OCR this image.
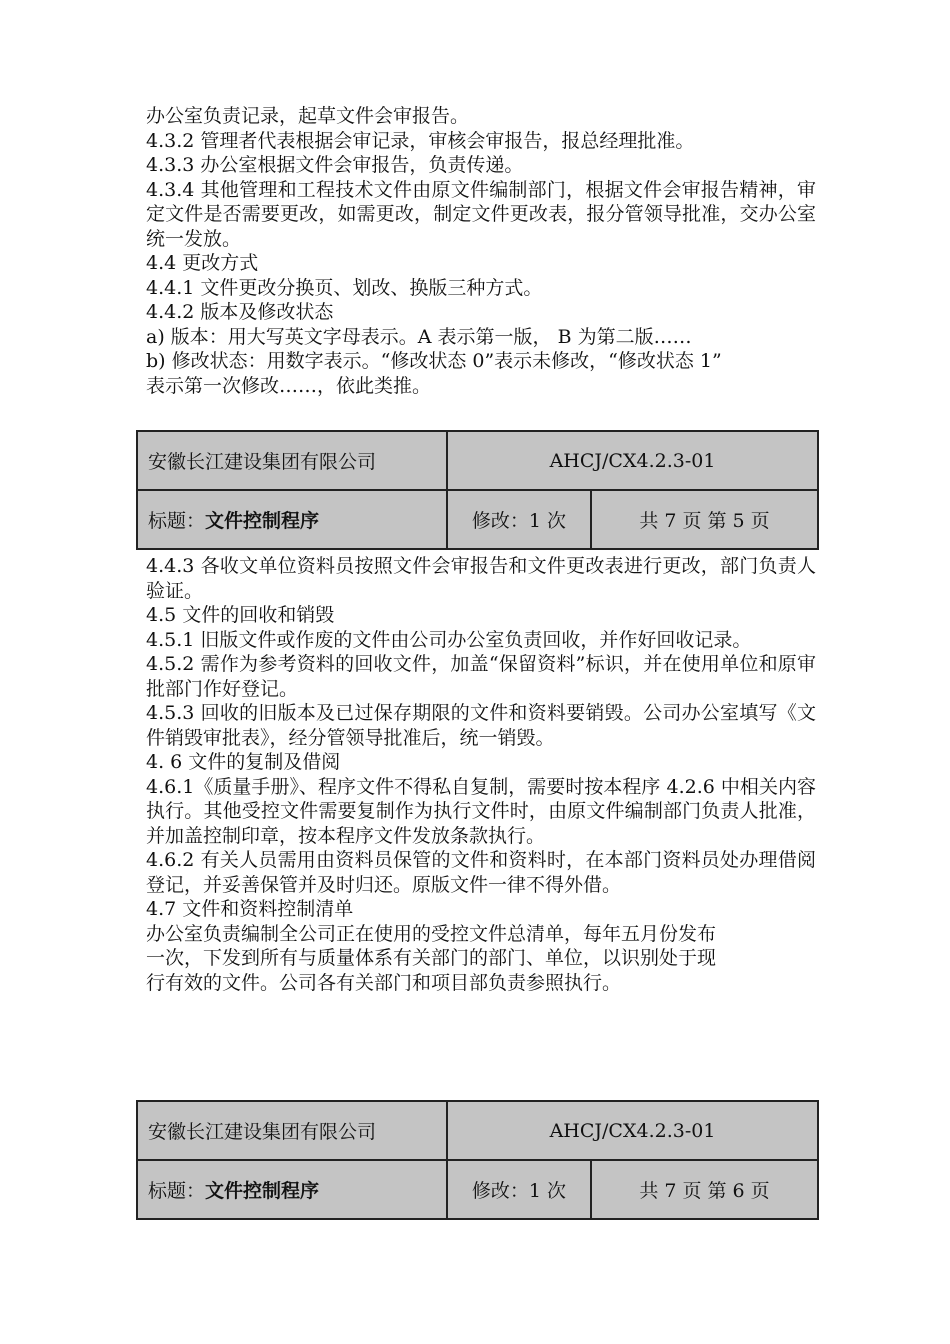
办公室负责记录，起草文件会审报告。

4.3.2 管理者代表根据会审记录，审核会审报告，报总经理批准。

4.3.3 办公室根据文件会审报告，负责传递。

4.3.4 其他管理和工程技术文件由原文件编制部门，根据文件会审报告精神，审定文件是否需要更改，如需更改，制定文件更改表，报分管领导批准，交办公室统一发放。

4.4 更改方式

4.4.1 文件更改分换页、划改、换版三种方式。

4.4.2 版本及修改状态

a) 版本：用大写英文字母表示。A 表示第一版， B 为第二版……

b) 修改状态：用数字表示。“修改状态 0”表示未修改，“修改状态 1”

表示第一次修改……，依此类推。

安徽长江建设集团有限公司	AHCJ/CX4.2.3-01	
标题：文件控制程序	修改：1 次	共 7 页 第 5 页

4.4.3 各收文单位资料员按照文件会审报告和文件更改表进行更改，部门负责人验证。

4.5 文件的回收和销毁

4.5.1 旧版文件或作废的文件由公司办公室负责回收，并作好回收记录。

4.5.2 需作为参考资料的回收文件，加盖“保留资料”标识，并在使用单位和原审批部门作好登记。

4.5.3 回收的旧版本及已过保存期限的文件和资料要销毁。公司办公室填写《文件销毁审批表》，经分管领导批准后，统一销毁。

4. 6 文件的复制及借阅

4.6.1《质量手册》、程序文件不得私自复制，需要时按本程序 4.2.6 中相关内容执行。其他受控文件需要复制作为执行文件时，由原文件编制部门负责人批准，并加盖控制印章，按本程序文件发放条款执行。

4.6.2 有关人员需用由资料员保管的文件和资料时，在本部门资料员处办理借阅登记，并妥善保管并及时归还。原版文件一律不得外借。

4.7 文件和资料控制清单

办公室负责编制全公司正在使用的受控文件总清单，每年五月份发布

一次，下发到所有与质量体系有关部门的部门、单位，以识别处于现

行有效的文件。公司各有关部门和项目部负责参照执行。

安徽长江建设集团有限公司	AHCJ/CX4.2.3-01	
标题：文件控制程序	修改：1 次	共 7 页 第 6 页
